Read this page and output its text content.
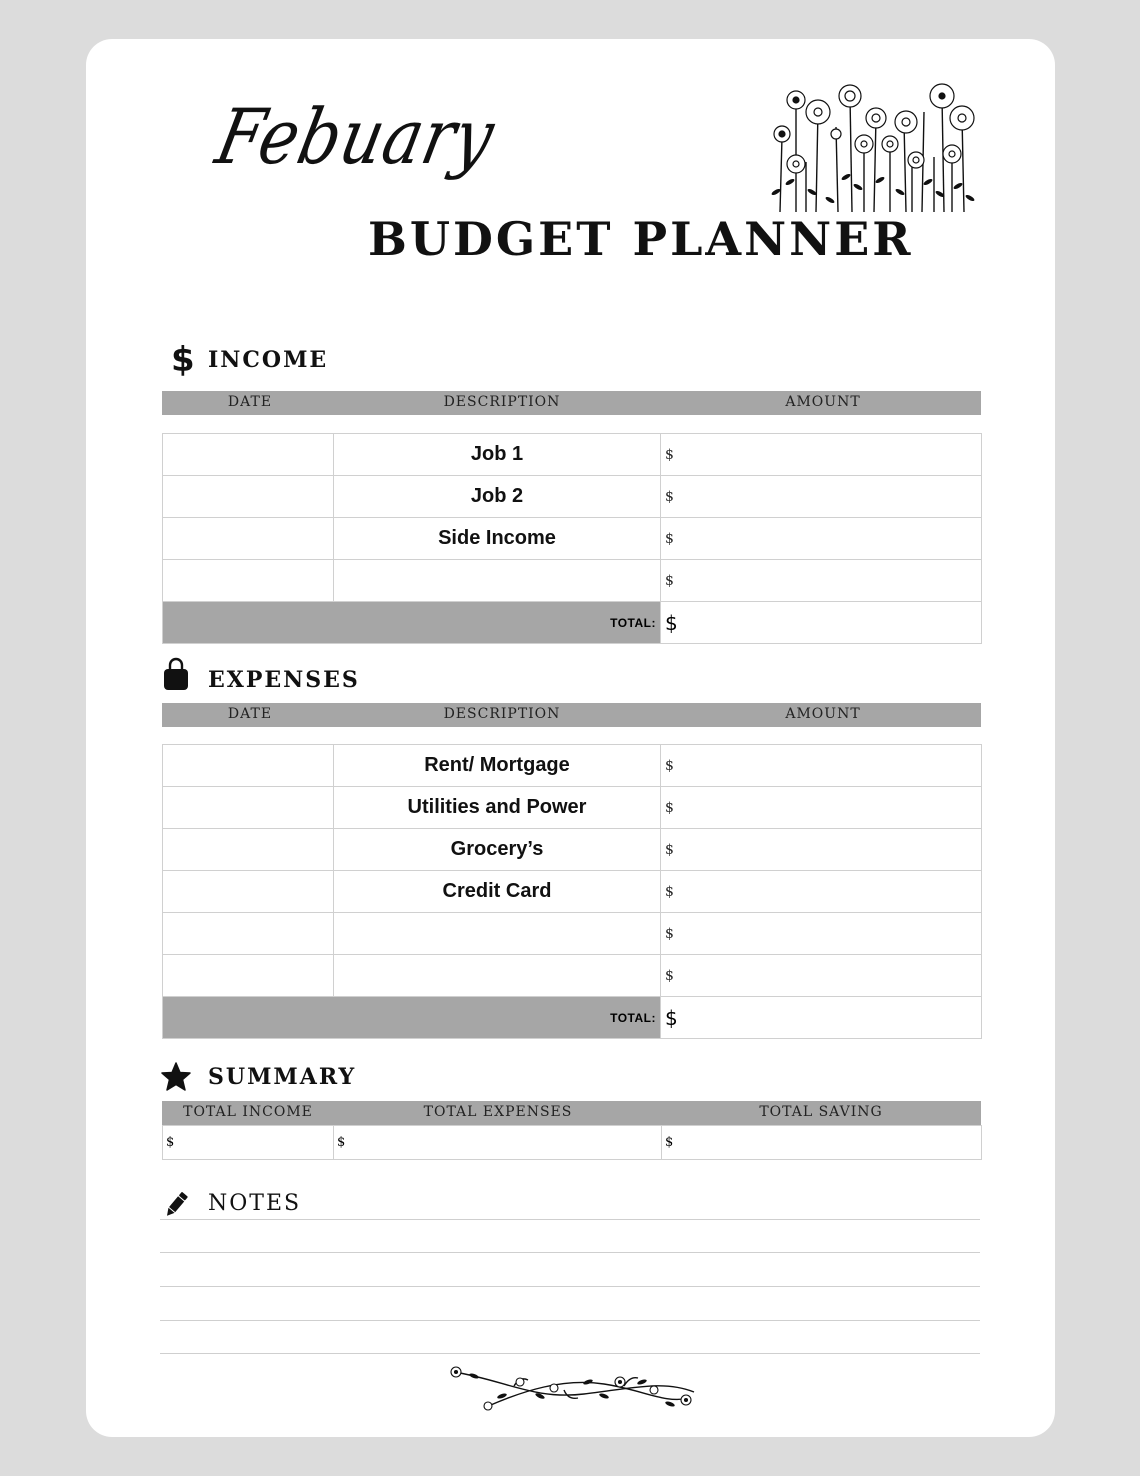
Febuary
BUDGET PLANNER
$ INCOME
DATE	DESCRIPTION	AMOUNT
	Job 1	$
	Job 2	$
	Side Income	$
		$
TOTAL:		$
EXPENSES
DATE	DESCRIPTION	AMOUNT
	Rent/ Mortgage	$
	Utilities and Power	$
	Grocery’s	$
	Credit Card	$
		$
		$
TOTAL:		$
SUMMARY
TOTAL INCOME	TOTAL EXPENSES	TOTAL SAVING
$	$	$
NOTES
